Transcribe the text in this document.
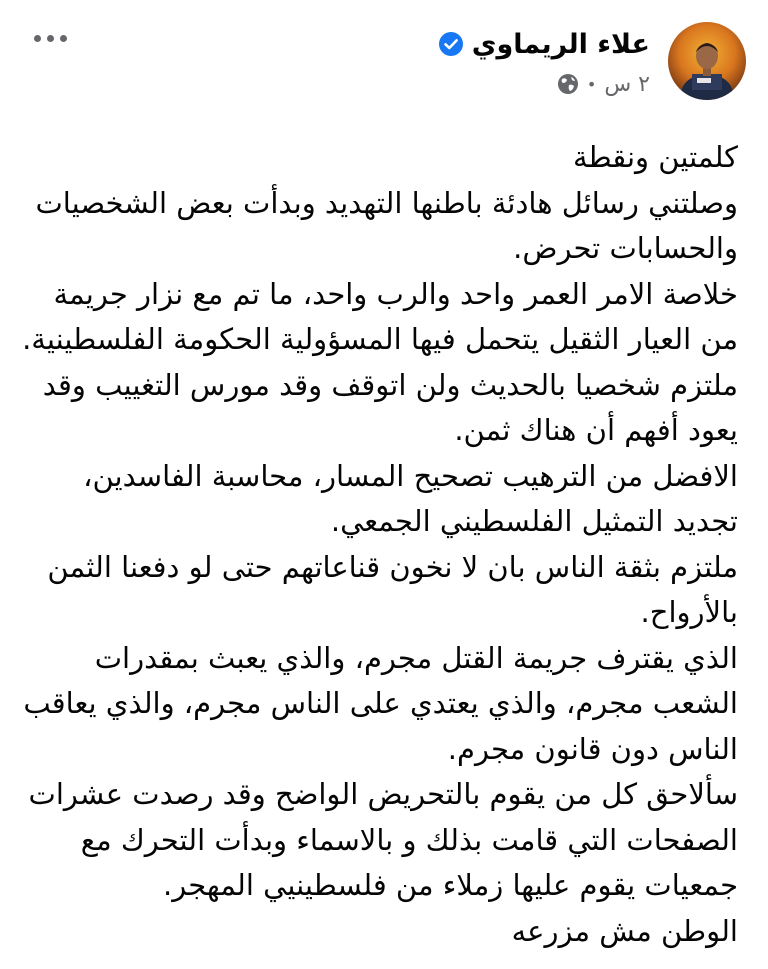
علاء الريماوي
٢ س
•

كلمتين ونقطة

وصلتني رسائل هادئة باطنها التهديد وبدأت بعض الشخصيات والحسابات تحرض.

خلاصة الامر العمر واحد والرب واحد، ما تم مع نزار جريمة من العيار الثقيل يتحمل فيها المسؤولية الحكومة الفلسطينية.

ملتزم شخصيا بالحديث ولن اتوقف وقد مورس التغييب وقد يعود أفهم أن هناك ثمن.

الافضل من الترهيب تصحيح المسار، محاسبة الفاسدين، تجديد التمثيل الفلسطيني الجمعي.

ملتزم بثقة الناس بان لا نخون قناعاتهم حتى لو دفعنا الثمن بالأرواح.

الذي يقترف جريمة القتل مجرم، والذي يعبث بمقدرات الشعب مجرم، والذي يعتدي على الناس مجرم، والذي يعاقب الناس دون قانون مجرم.

سألاحق كل من يقوم بالتحريض الواضح وقد رصدت عشرات الصفحات التي قامت بذلك و بالاسماء وبدأت التحرك مع جمعيات يقوم عليها زملاء من فلسطينيي المهجر.

الوطن مش مزرعه
